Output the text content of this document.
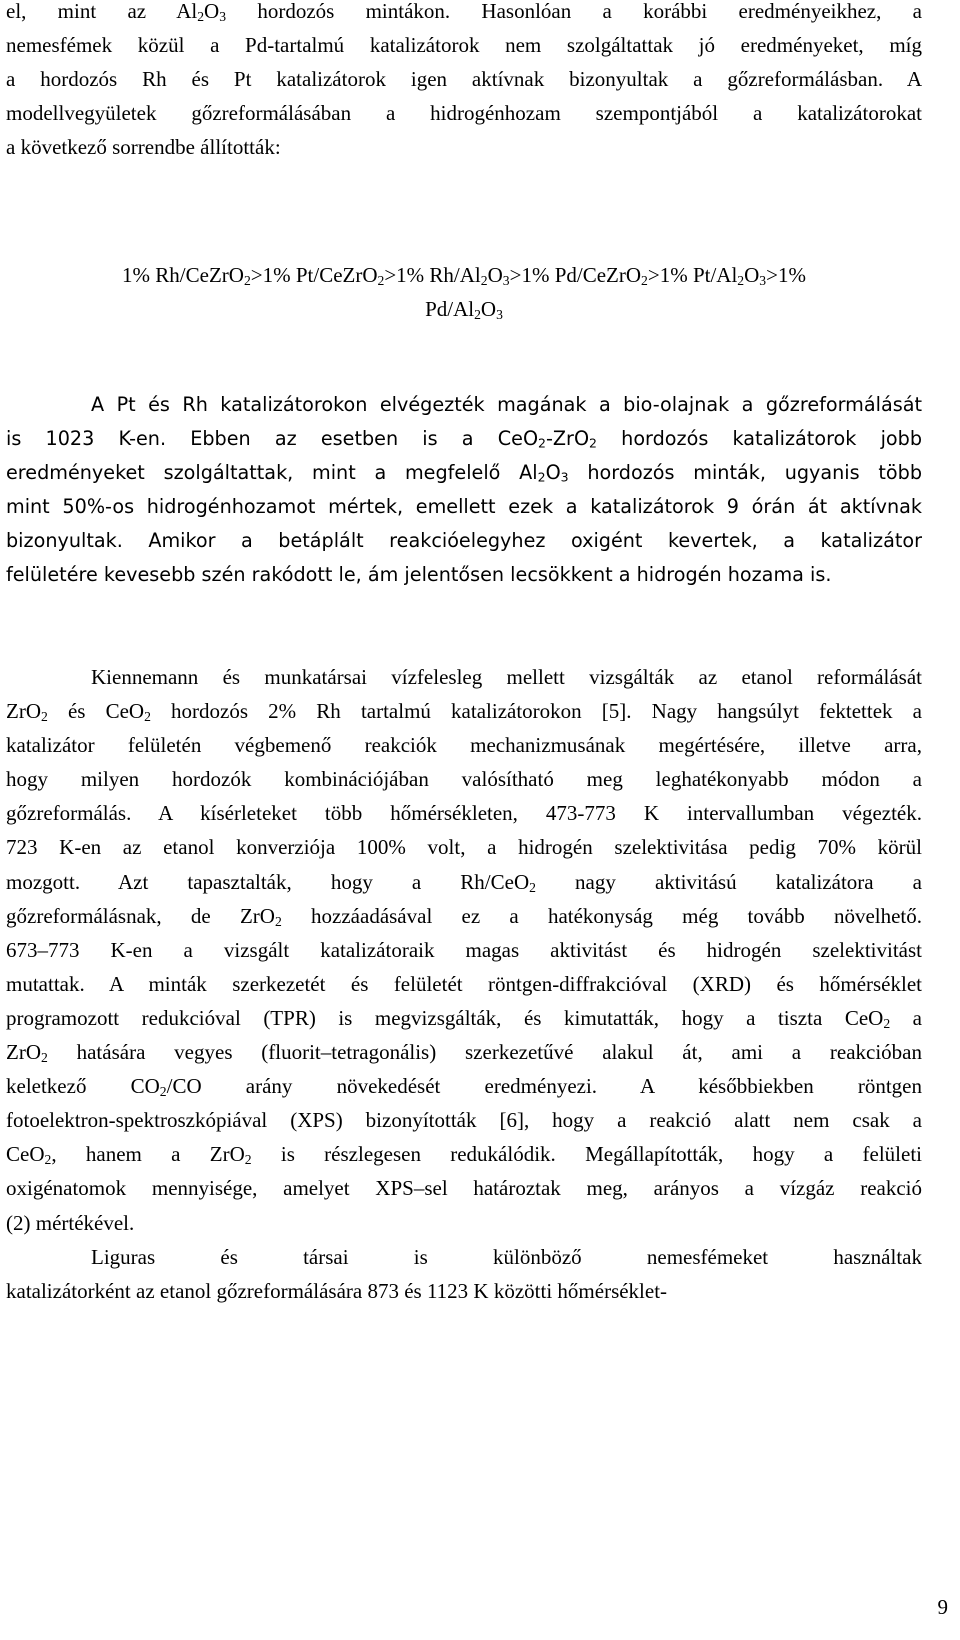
el, mint az $Al_2O_3$ hordozós mintákon. Hasonlóan a korábbi eredményeikhez, a
nemesfémek közül a Pd-tartalmú katalizátorok nem szolgáltattak jó eredményeket, míg
a hordozós Rh és Pt katalizátorok igen aktívnak bizonyultak a gőzreformálásban. A
modellvegyületek gőzreformálásában a hidrogénhozam szempontjából a katalizátorokat
a következő sorrendbe állították:
1% Rh/CeZrO$_2$>1% Pt/CeZrO$_2$>1% $Rh/Al_2O_3>1\%$ Pd/CeZrO$_2$>1% $Pt/Al_2O_3>1\%$
$Pd/Al_2O_3$
A Pt és Rh katalizátorokon elvégezték magának a bio-olajnak a gőzreformálását
is 1023 K-en. Ebben az esetben is a CeO$_2$-ZrO$_2$ hordozós katalizátorok jobb
eredményeket szolgáltattak, mint a megfelelő $Al_2O_3$ hordozós minták, ugyanis több
mint 50%-os hidrogénhozamot mértek, emellett ezek a katalizátorok 9 órán át aktívnak
bizonyultak. Amikor a betáplált reakcióelegyhez oxigént kevertek, a katalizátor
felületére kevesebb szén rakódott le, ám jelentősen lecsökkent a hidrogén hozama is.
Kiennemann és munkatársai vízfelesleg mellett vizsgálták az etanol reformálását
ZrO$_2$ és CeO$_2$ hordozós 2% Rh tartalmú katalizátorokon [5]. Nagy hangsúlyt fektettek a
katalizátor felületén végbemenő reakciók mechanizmusának megértésére, illetve arra,
hogy milyen hordozók kombinációjában valósítható meg leghatékonyabb módon a
gőzreformálás. A kísérleteket több hőmérsékleten, 473-773 K intervallumban végezték.
723 K-en az etanol konverziója 100% volt, a hidrogén szelektivitása pedig 70% körül
mozgott. Azt tapasztalták, hogy a Rh/CeO$_2$ nagy aktivitású katalizátora a
gőzreformálásnak, de ZrO$_2$ hozzáadásával ez a hatékonyság még tovább növelhető.
673‒773 K-en a vizsgált katalizátoraik magas aktivitást és hidrogén szelektivitást
mutattak. A minták szerkezetét és felületét röntgen-diffrakcióval (XRD) és hőmérséklet
programozott redukcióval (TPR) is megvizsgálták, és kimutatták, hogy a tiszta CeO$_2$ a
ZrO$_2$ hatására vegyes (fluorit‒tetragonális) szerkezetűvé alakul át, ami a reakcióban
keletkező $CO_2/CO$ arány növekedését eredményezi. A későbbiekben röntgen
fotoelektron-spektroszkópiával (XPS) bizonyították [6], hogy a reakció alatt nem csak a
CeO$_2$, hanem a ZrO$_2$ is részlegesen redukálódik. Megállapították, hogy a felületi
oxigénatomok mennyisége, amelyet XPS‒sel határoztak meg, arányos a vízgáz reakció
(2) mértékével.
Liguras és társai is különböző nemesfémeket használtak
katalizátorként az etanol gőzreformálására 873 és 1123 K közötti hőmérséklet-
9
